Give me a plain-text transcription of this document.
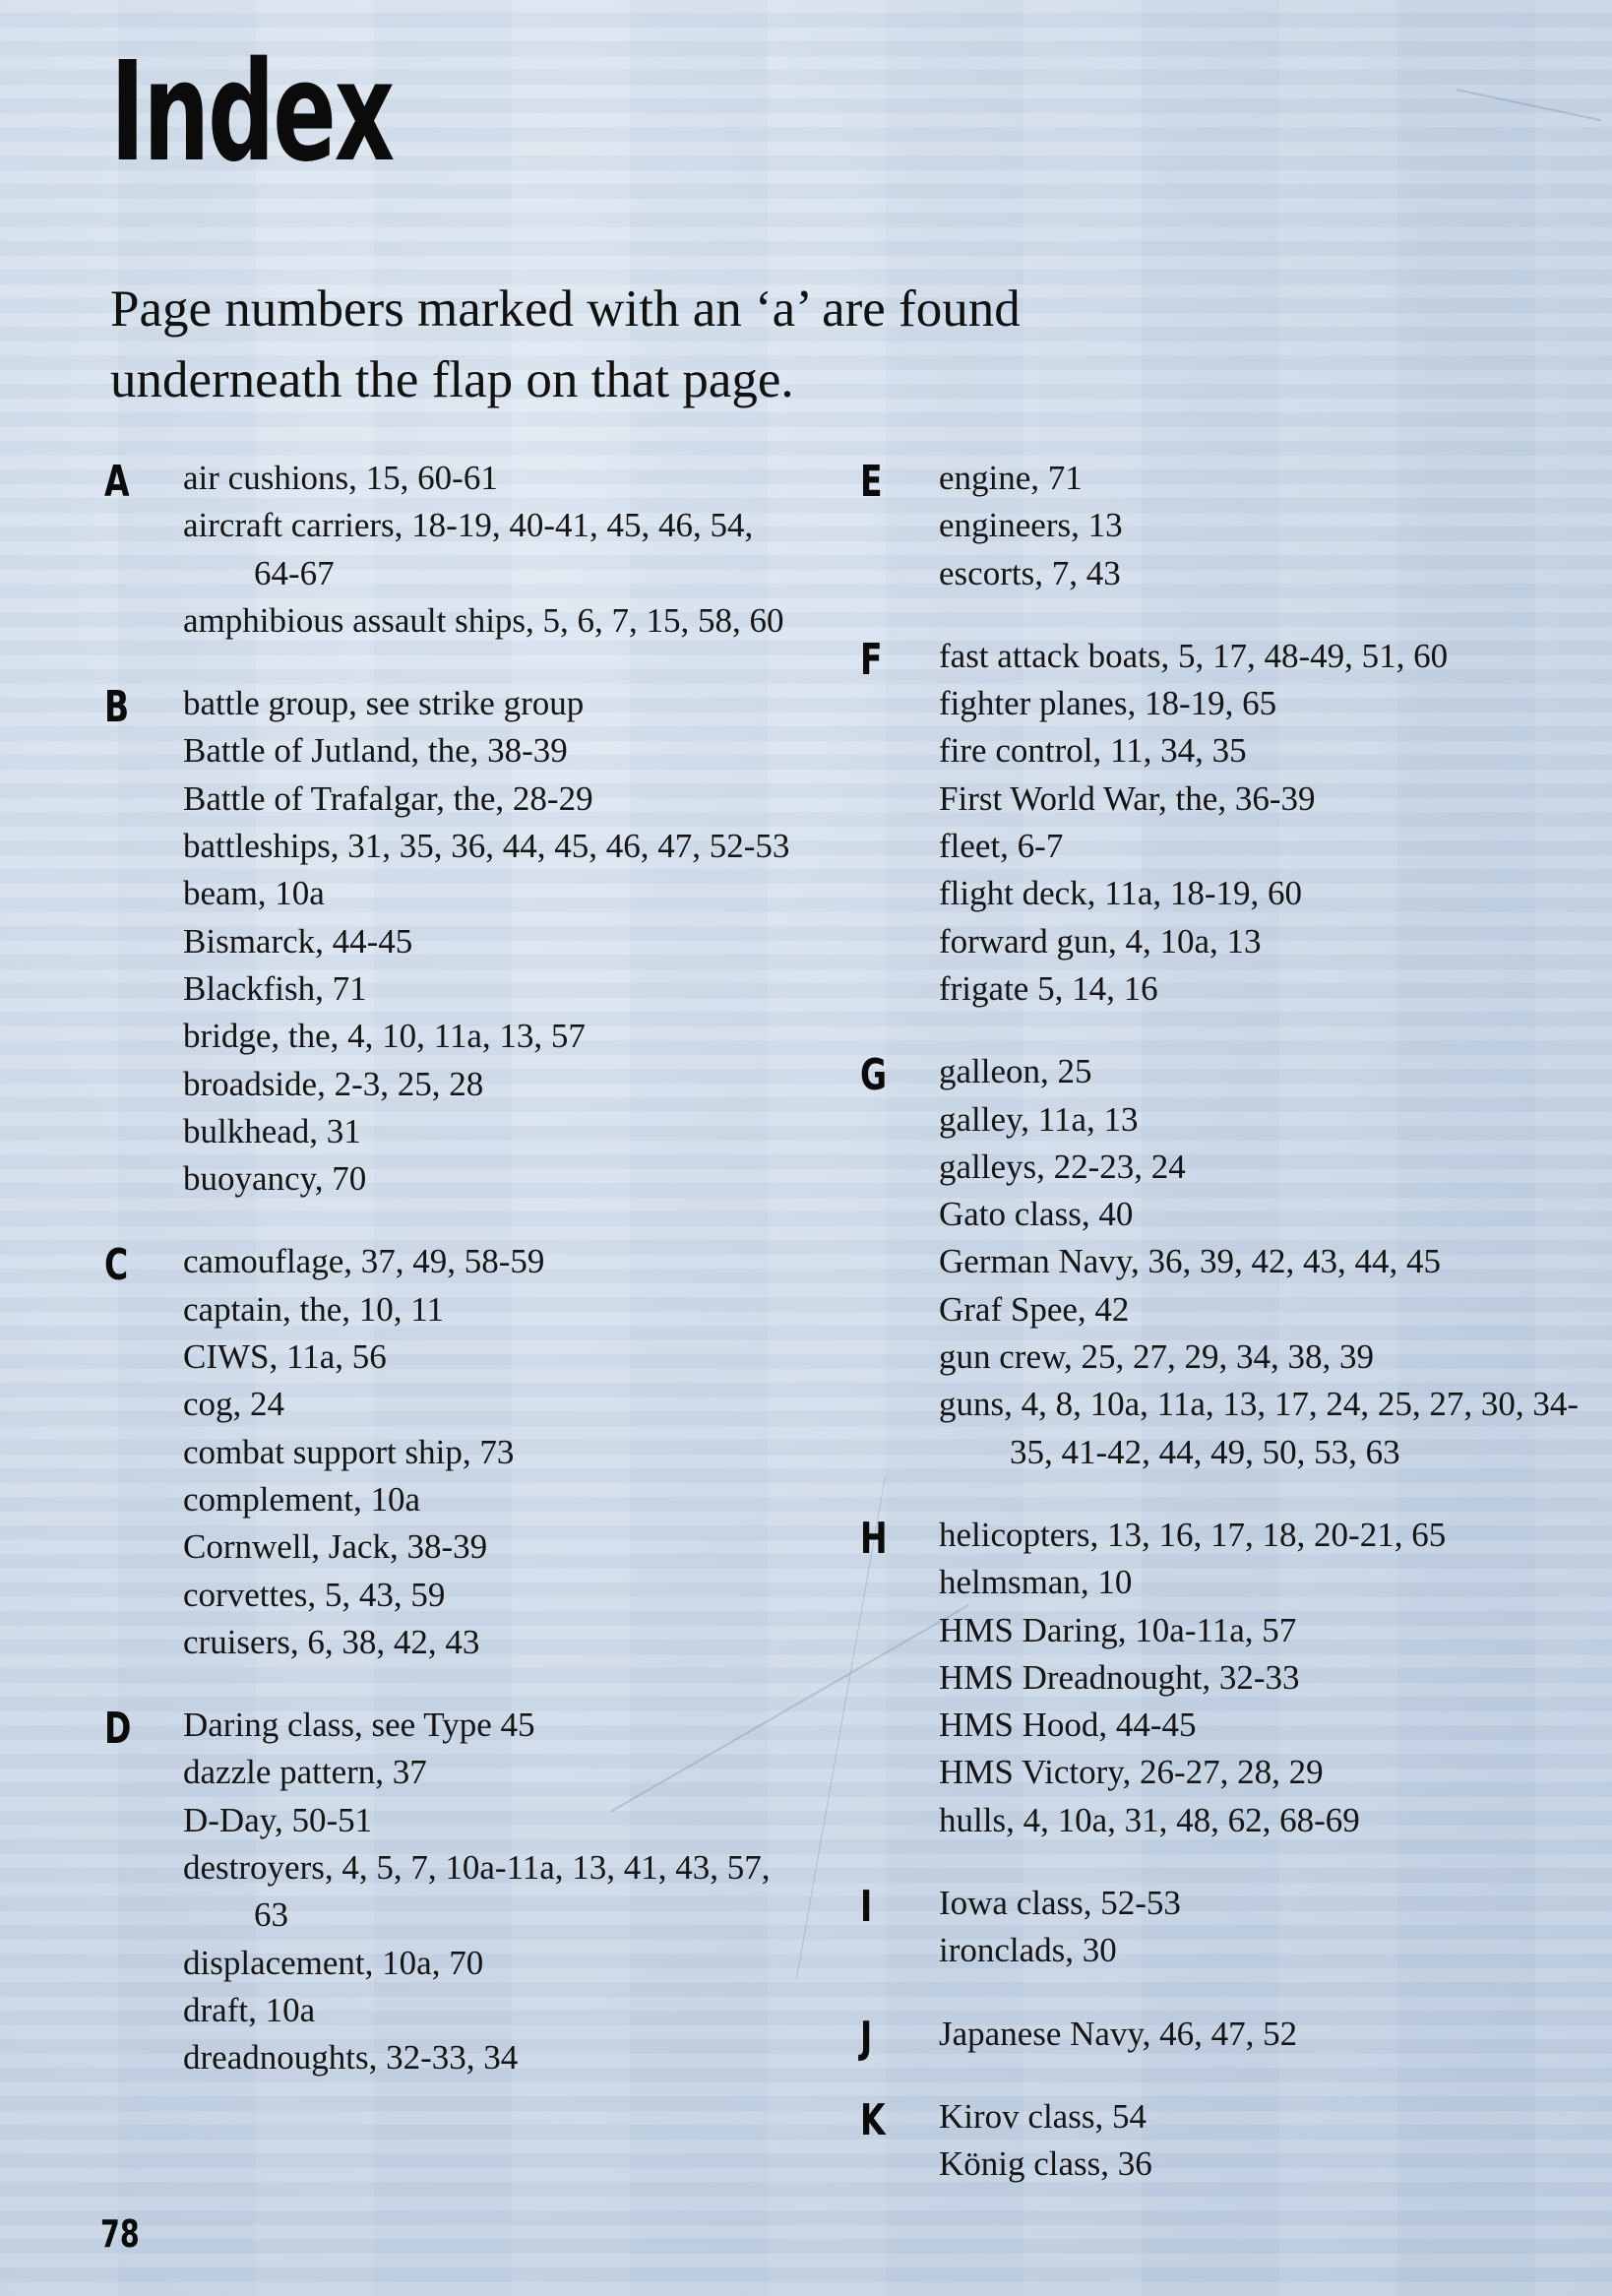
Index
Page numbers marked with an ‘a’ are found underneath the flap on that page.
A air cushions, 15, 60-61
aircraft carriers, 18-19, 40-41, 45, 46, 54, 64-67
amphibious assault ships, 5, 6, 7, 15, 58, 60
B battle group, see strike group
Battle of Jutland, the, 38-39
Battle of Trafalgar, the, 28-29
battleships, 31, 35, 36, 44, 45, 46, 47, 52-53
beam, 10a
Bismarck, 44-45
Blackfish, 71
bridge, the, 4, 10, 11a, 13, 57
broadside, 2-3, 25, 28
bulkhead, 31
buoyancy, 70
C camouflage, 37, 49, 58-59
captain, the, 10, 11
CIWS, 11a, 56
cog, 24
combat support ship, 73
complement, 10a
Cornwell, Jack, 38-39
corvettes, 5, 43, 59
cruisers, 6, 38, 42, 43
D Daring class, see Type 45
dazzle pattern, 37
D-Day, 50-51
destroyers, 4, 5, 7, 10a-11a, 13, 41, 43, 57, 63
displacement, 10a, 70
draft, 10a
dreadnoughts, 32-33, 34
E engine, 71
engineers, 13
escorts, 7, 43
F fast attack boats, 5, 17, 48-49, 51, 60
fighter planes, 18-19, 65
fire control, 11, 34, 35
First World War, the, 36-39
fleet, 6-7
flight deck, 11a, 18-19, 60
forward gun, 4, 10a, 13
frigate 5, 14, 16
G galleon, 25
galley, 11a, 13
galleys, 22-23, 24
Gato class, 40
German Navy, 36, 39, 42, 43, 44, 45
Graf Spee, 42
gun crew, 25, 27, 29, 34, 38, 39
guns, 4, 8, 10a, 11a, 13, 17, 24, 25, 27, 30, 34-35, 41-42, 44, 49, 50, 53, 63
H helicopters, 13, 16, 17, 18, 20-21, 65
helmsman, 10
HMS Daring, 10a-11a, 57
HMS Dreadnought, 32-33
HMS Hood, 44-45
HMS Victory, 26-27, 28, 29
hulls, 4, 10a, 31, 48, 62, 68-69
I Iowa class, 52-53
ironclads, 30
J Japanese Navy, 46, 47, 52
K Kirov class, 54
König class, 36
78
